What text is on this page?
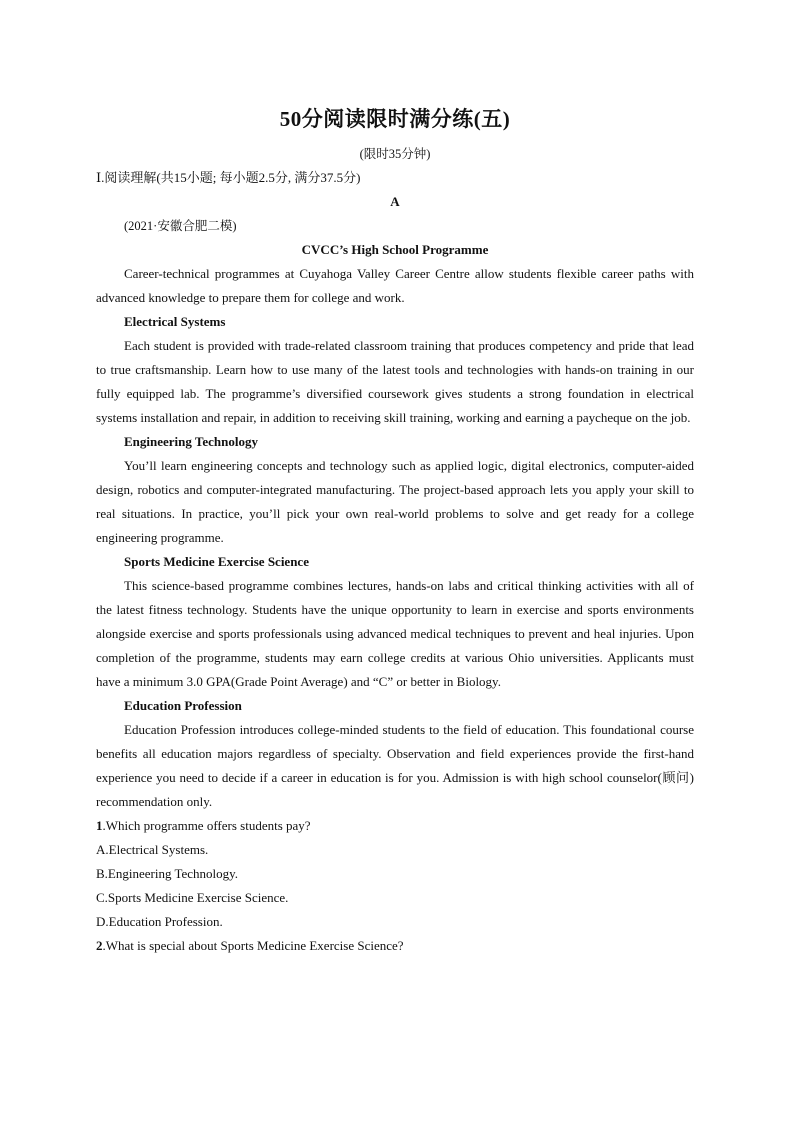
50分阅读限时满分练(五)

(限时35分钟)

Ⅰ.阅读理解(共15小题; 每小题2.5分, 满分37.5分)

A

(2021·安徽合肥二模)

CVCC’s High School Programme

Career-technical programmes at Cuyahoga Valley Career Centre allow students flexible career paths with advanced knowledge to prepare them for college and work.

Electrical Systems

Each student is provided with trade-related classroom training that produces competency and pride that lead to true craftsmanship. Learn how to use many of the latest tools and technologies with hands-on training in our fully equipped lab. The programme’s diversified coursework gives students a strong foundation in electrical systems installation and repair, in addition to receiving skill training, working and earning a paycheque on the job.

Engineering Technology

You’ll learn engineering concepts and technology such as applied logic, digital electronics, computer-aided design, robotics and computer-integrated manufacturing. The project-based approach lets you apply your skill to real situations. In practice, you’ll pick your own real-world problems to solve and get ready for a college engineering programme.

Sports Medicine Exercise Science

This science-based programme combines lectures, hands-on labs and critical thinking activities with all of the latest fitness technology. Students have the unique opportunity to learn in exercise and sports environments alongside exercise and sports professionals using advanced medical techniques to prevent and heal injuries. Upon completion of the programme, students may earn college credits at various Ohio universities. Applicants must have a minimum 3.0 GPA(Grade Point Average) and “C” or better in Biology.

Education Profession

Education Profession introduces college-minded students to the field of education. This foundational course benefits all education majors regardless of specialty. Observation and field experiences provide the first-hand experience you need to decide if a career in education is for you. Admission is with high school counselor(顾问) recommendation only.

1.Which programme offers students pay?

A.Electrical Systems.

B.Engineering Technology.

C.Sports Medicine Exercise Science.

D.Education Profession.

2.What is special about Sports Medicine Exercise Science?
